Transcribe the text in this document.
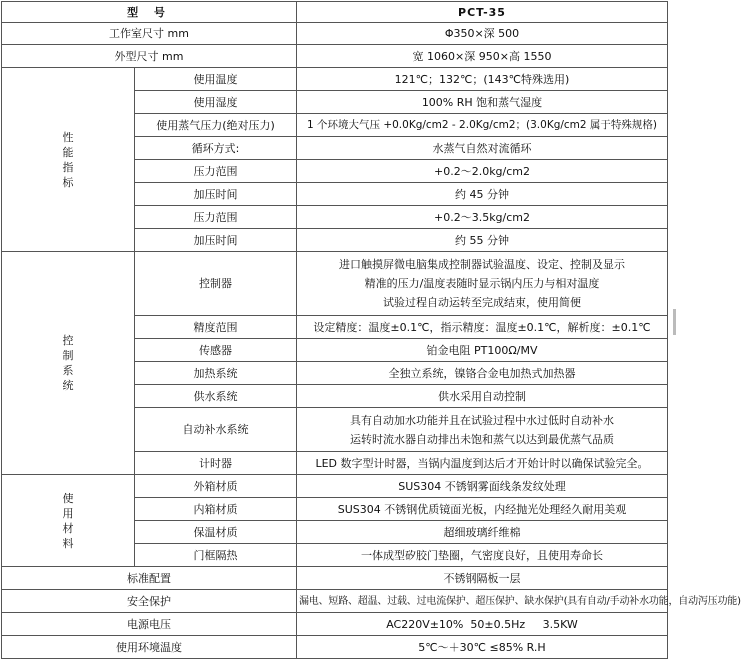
型 号		PCT-35
工作室尺寸 mm		Φ350×深 500
外型尺寸 mm		宽 1060×深 950×高 1550

性
能
指
标	使用温度	121℃；132℃；(143℃特殊选用)
	使用湿度	100% RH 饱和蒸气湿度
	使用蒸气压力(绝对压力)	1 个环境大气压 +0.0Kg/cm2 - 2.0Kg/cm2；(3.0Kg/cm2 属于特殊规格)
	循环方式:	水蒸气自然对流循环
	压力范围	+0.2～2.0kg/cm2
	加压时间	约 45 分钟
	压力范围	+0.2～3.5kg/cm2
	加压时间	约 55 分钟

控
制
系
统	控制器	进口触摸屏微电脑集成控制器试验温度、设定、控制及显示
精准的压力/温度表随时显示锅内压力与相对温度
试验过程自动运转至完成结束，使用简便

	精度范围	设定精度：温度±0.1℃，指示精度：温度±0.1℃，解析度：±0.1℃
	传感器	铂金电阻 PT100Ω/MV
	加热系统	全独立系统，镍铬合金电加热式加热器
	供水系统	供水采用自动控制
	自动补水系统	具有自动加水功能并且在试验过程中水过低时自动补水
运转时流水器自动排出未饱和蒸气以达到最优蒸气品质

	计时器	LED 数字型计时器，当锅内温度到达后才开始计时以确保试验完全。

使
用
材
料	外箱材质	SUS304 不锈钢雾面线条发纹处理
	内箱材质	SUS304 不锈钢优质镜面光板，内经抛光处理经久耐用美观
	保温材质	超细玻璃纤维棉
	门框隔热	一体成型矽胶门垫圈，气密度良好，且使用寿命长
标准配置		不锈钢隔板一层
安全保护		漏电、短路、超温、过载、过电流保护、超压保护、缺水保护(具有自动/手动补水功能，自动泻压功能)
电源电压		AC220V±10%  50±0.5Hz     3.5KW
使用环境温度		5℃～＋30℃ ≤85% R.H
